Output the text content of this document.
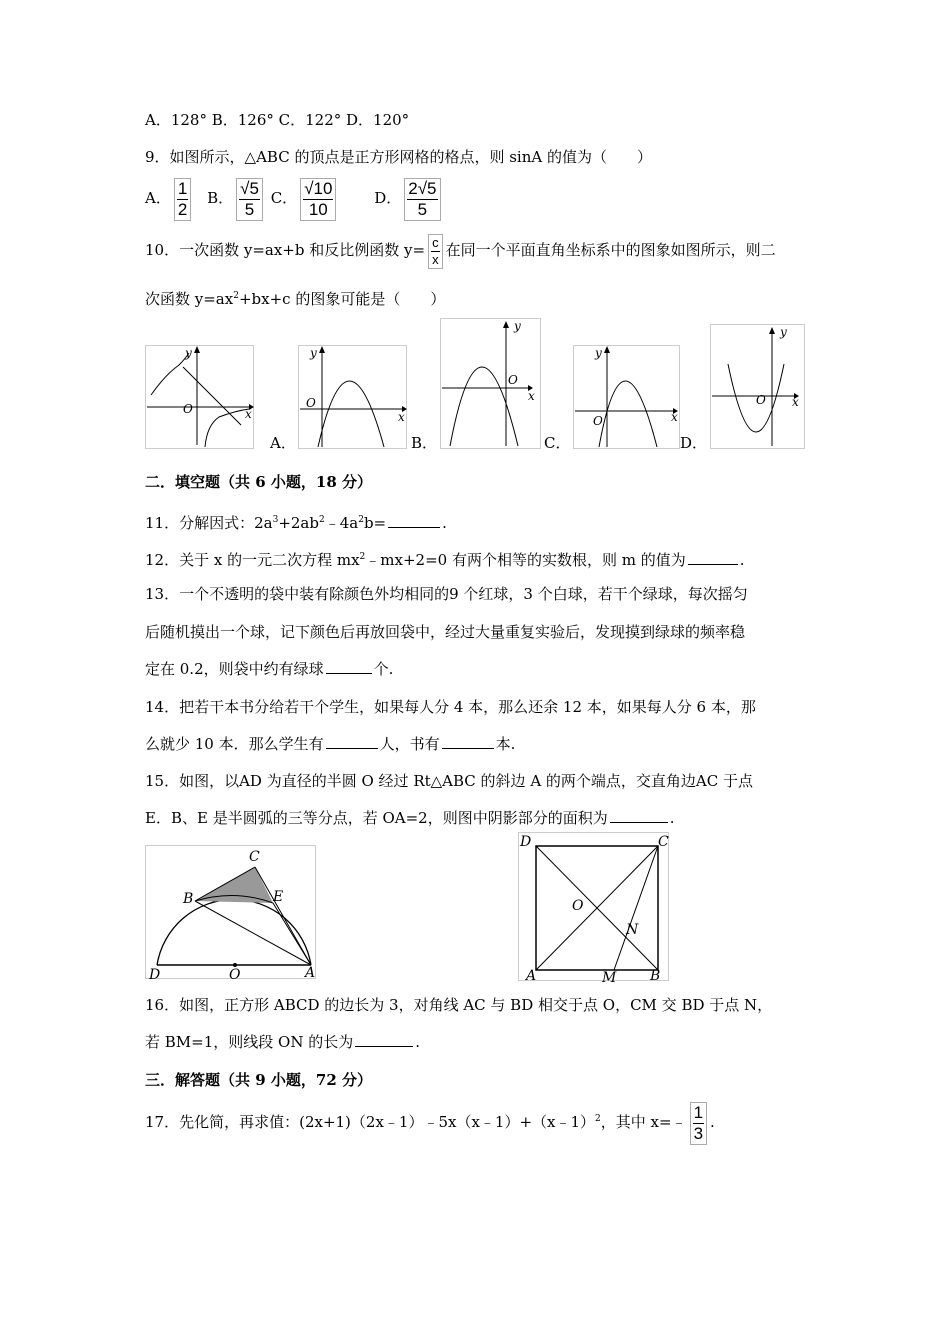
A．128° B．126° C．122° D．120°
9．如图所示，△ABC 的顶点是正方形网格的格点，则 sinA 的值为（　　）
A． $\frac{1}{2}$ B． $\frac{√5}{5}$ C． $\frac{√10}{10}$	D． $\frac{2√5}{5}$
10．一次函数 y=ax+b 和反比例函数 $y= \frac{c}{x}$ 在同一个平面直角坐标系中的图象如图所示，则二
次函数 $y=ax^2+bx+c$ 的图象可能是（　　）
x
y
O
A．
x
y
O
B．
x
y
O
C．
x
y
O
D．
x
y
O
二．填空题（共 6 小题，18 分）
11．分解因式：$2a^3+2ab^2﹣4a^2b=$	.
12．关于 x 的一元二次方程 $mx^2﹣mx+2=0$ 有两个相等的实数根，则 m 的值为	.
13．一个不透明的袋中装有除颜色外均相同的9 个红球，3 个白球，若干个绿球，每次摇匀
后随机摸出一个球，记下颜色后再放回袋中，经过大量重复实验后，发现摸到绿球的频率稳
定在 0.2，则袋中约有绿球	个.
14．把若干本书分给若干个学生，如果每人分 4 本，那么还余 12 本，如果每人分 6 本，那
么就少 10 本．那么学生有	人，书有	本.
15．如图，以AD 为直径的半圆 O 经过 Rt△ABC 的斜边 A 的两个端点，交直角边AC 于点
E．B、E 是半圆弧的三等分点，若 OA=2，则图中阴影部分的面积为	.
C
B	E
D	O	A
D	C
O
N
A	M B
16．如图，正方形 ABCD 的边长为 3，对角线 AC 与 BD 相交于点 O，CM 交 BD 于点 N，
若 BM=1，则线段 ON 的长为	.
三．解答题（共 9 小题，72 分）
17．先化简，再求值：(2x+1)（2x﹣1）﹣5x（x﹣1）+（x﹣1）$^2$，其中 x=﹣ $\frac{1}{3}$ .
